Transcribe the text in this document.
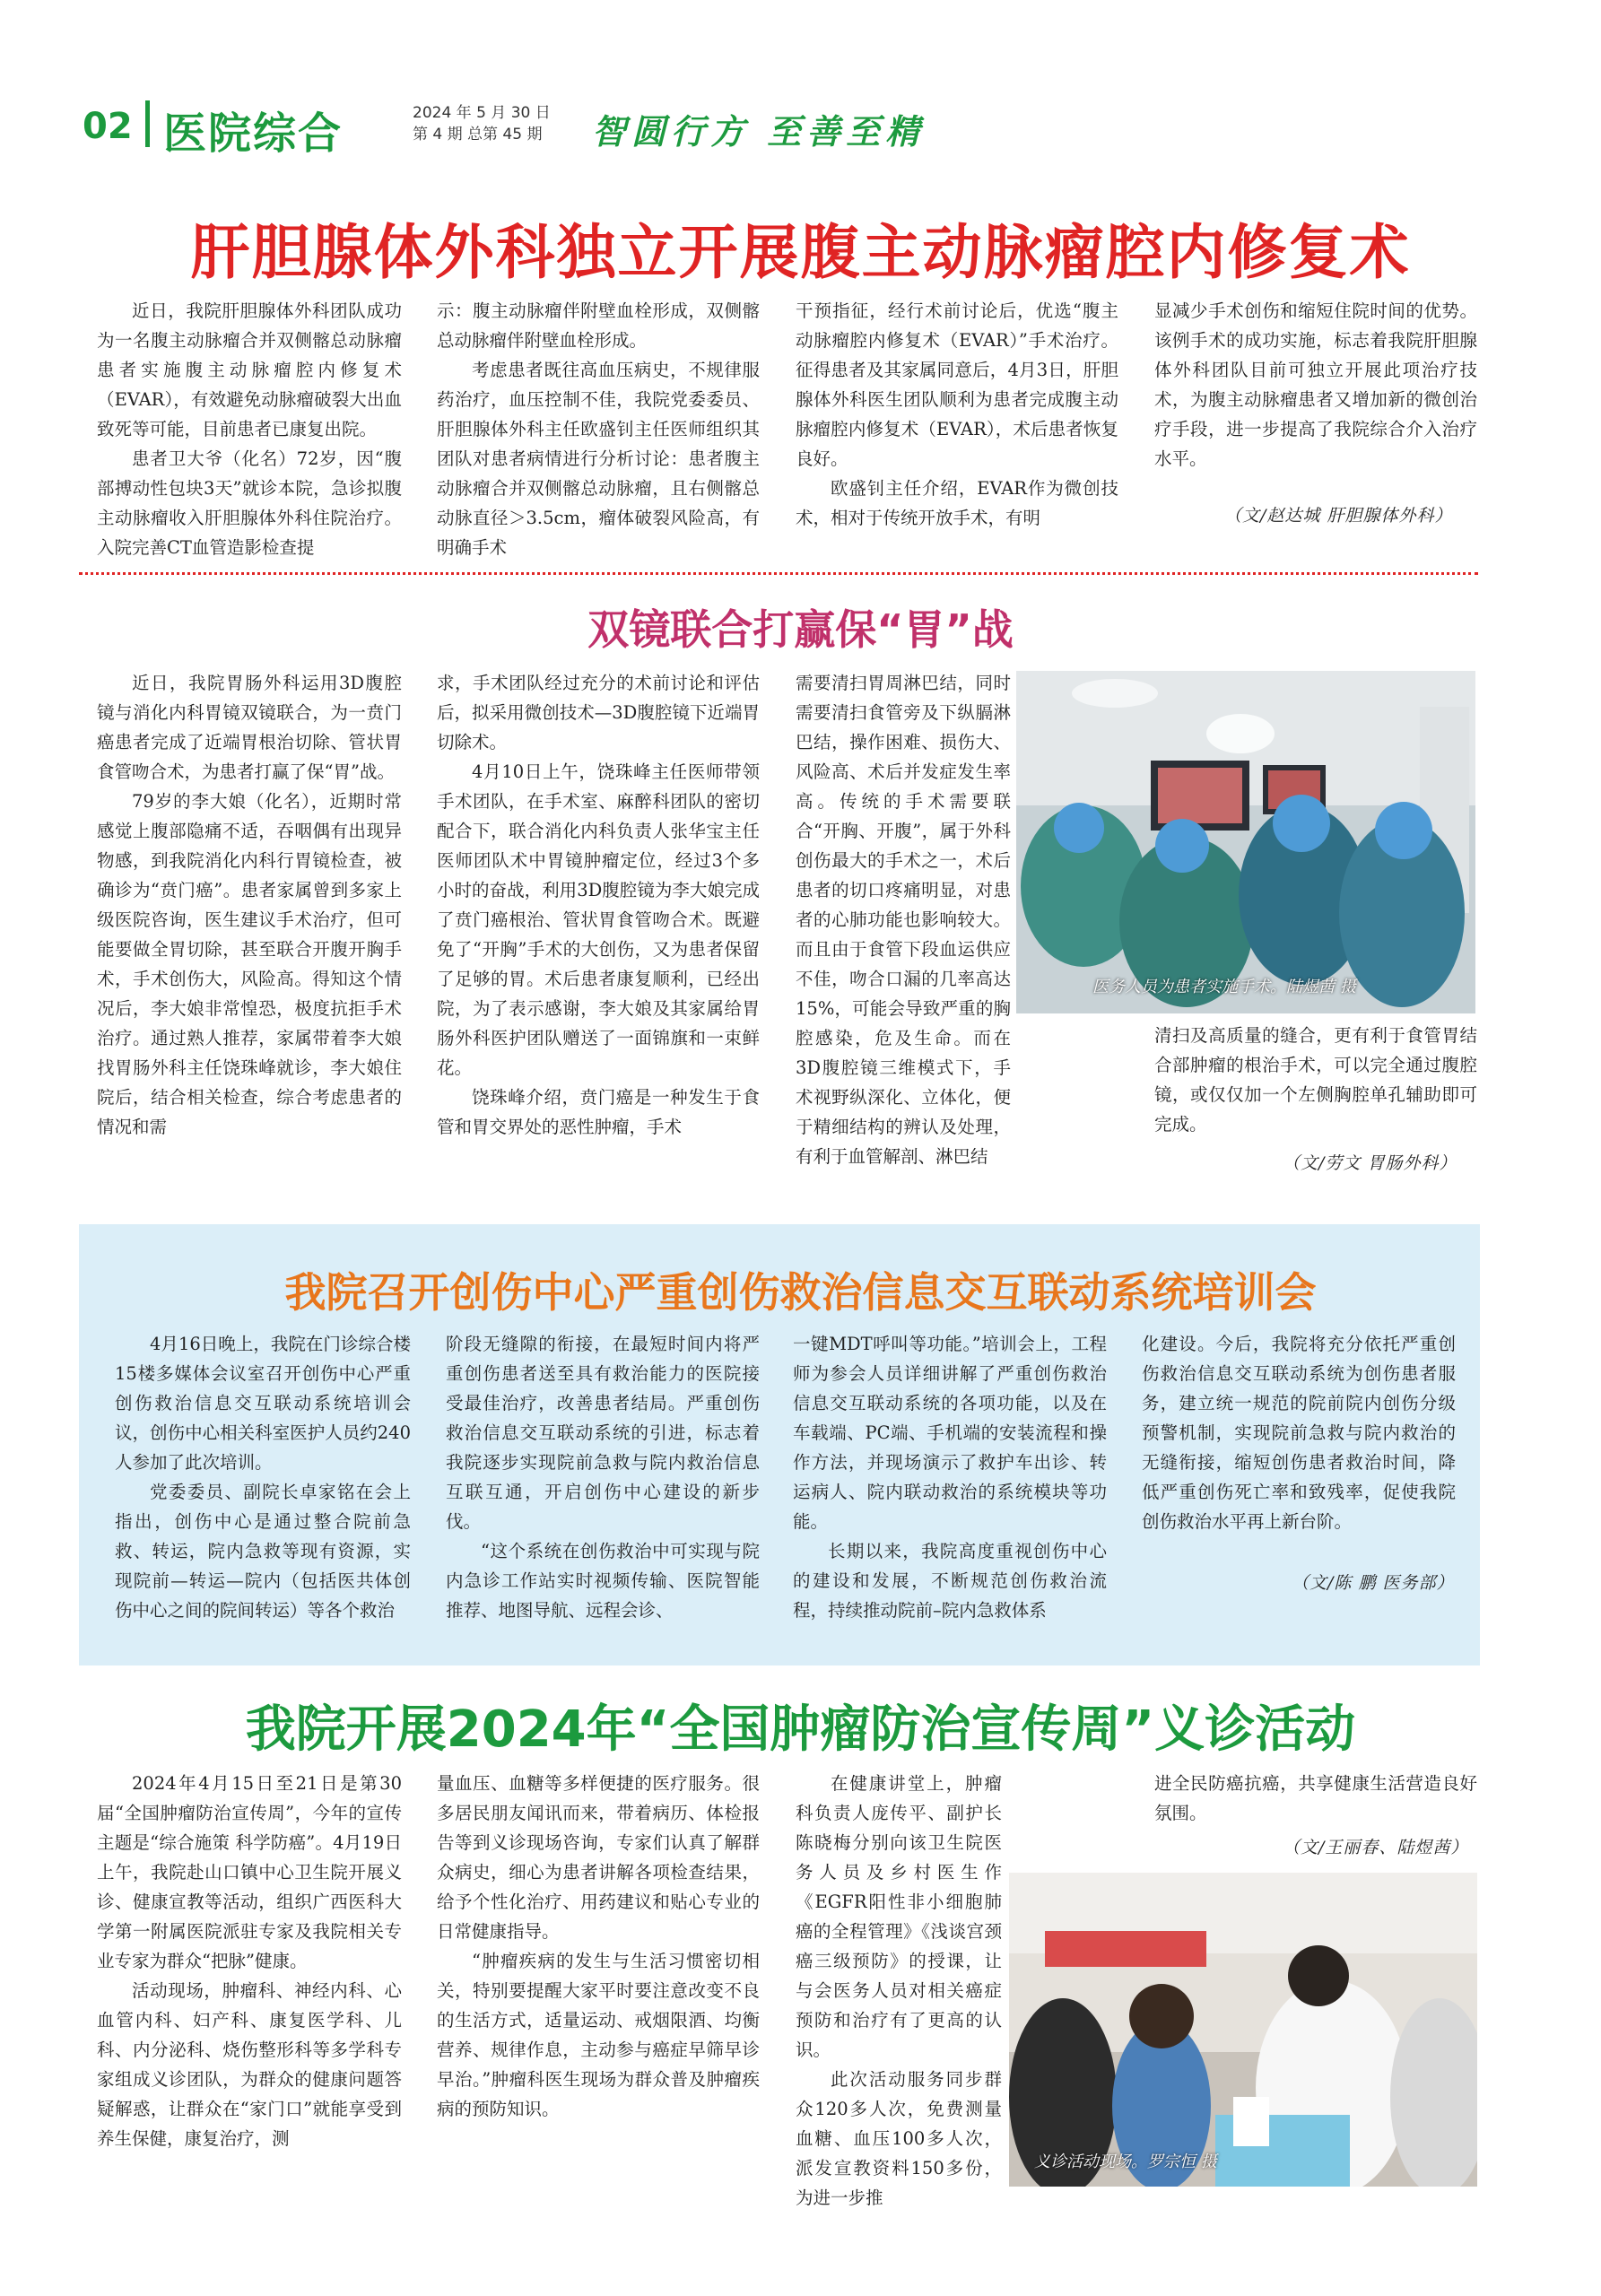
02 医院综合	2024 年 5 月 30 日
第 4 期 总第 45 期 智圆行方 至善至精
肝胆腺体外科独立开展腹主动脉瘤腔内修复术

近日，我院肝胆腺体外科团队成功为一名腹主动脉瘤合并双侧髂总动脉瘤患者实施腹主动脉瘤腔内修复术（EVAR），有效避免动脉瘤破裂大出血致死等可能，目前患者已康复出院。

患者卫大爷（化名）72岁，因“腹部搏动性包块3天”就诊本院，急诊拟腹主动脉瘤收入肝胆腺体外科住院治疗。入院完善CT血管造影检查提

示：腹主动脉瘤伴附壁血栓形成，双侧髂总动脉瘤伴附壁血栓形成。

考虑患者既往高血压病史，不规律服药治疗，血压控制不佳，我院党委委员、肝胆腺体外科主任欧盛钊主任医师组织其团队对患者病情进行分析讨论：患者腹主动脉瘤合并双侧髂总动脉瘤，且右侧髂总动脉直径＞3.5cm，瘤体破裂风险高，有明确手术

干预指征，经行术前讨论后，优选“腹主动脉瘤腔内修复术（EVAR）”手术治疗。征得患者及其家属同意后，4月3日，肝胆腺体外科医生团队顺利为患者完成腹主动脉瘤腔内修复术（EVAR），术后患者恢复良好。

欧盛钊主任介绍，EVAR作为微创技术，相对于传统开放手术，有明

显减少手术创伤和缩短住院时间的优势。该例手术的成功实施，标志着我院肝胆腺体外科团队目前可独立开展此项治疗技术，为腹主动脉瘤患者又增加新的微创治疗手段，进一步提高了我院综合介入治疗水平。

（文/赵达城 肝胆腺体外科）
双镜联合打赢保“胃”战

近日，我院胃肠外科运用3D腹腔镜与消化内科胃镜双镜联合，为一贲门癌患者完成了近端胃根治切除、管状胃食管吻合术，为患者打赢了保“胃”战。

79岁的李大娘（化名），近期时常感觉上腹部隐痛不适，吞咽偶有出现异物感，到我院消化内科行胃镜检查，被确诊为“贲门癌”。患者家属曾到多家上级医院咨询，医生建议手术治疗，但可能要做全胃切除，甚至联合开腹开胸手术，手术创伤大，风险高。得知这个情况后，李大娘非常惶恐，极度抗拒手术治疗。通过熟人推荐，家属带着李大娘找胃肠外科主任饶珠峰就诊，李大娘住院后，结合相关检查，综合考虑患者的情况和需

求，手术团队经过充分的术前讨论和评估后，拟采用微创技术—3D腹腔镜下近端胃切除术。

4月10日上午，饶珠峰主任医师带领手术团队，在手术室、麻醉科团队的密切配合下，联合消化内科负责人张华宝主任医师团队术中胃镜肿瘤定位，经过3个多小时的奋战，利用3D腹腔镜为李大娘完成了贲门癌根治、管状胃食管吻合术。既避免了“开胸”手术的大创伤，又为患者保留了足够的胃。术后患者康复顺利，已经出院，为了表示感谢，李大娘及其家属给胃肠外科医护团队赠送了一面锦旗和一束鲜花。

饶珠峰介绍，贲门癌是一种发生于食管和胃交界处的恶性肿瘤，手术

需要清扫胃周淋巴结，同时需要清扫食管旁及下纵膈淋巴结，操作困难、损伤大、风险高、术后并发症发生率高。传统的手术需要联合“开胸、开腹”，属于外科创伤最大的手术之一，术后患者的切口疼痛明显，对患者的心肺功能也影响较大。而且由于食管下段血运供应不佳，吻合口漏的几率高达15%，可能会导致严重的胸腔感染，危及生命。而在3D腹腔镜三维模式下，手术视野纵深化、立体化，便于精细结构的辨认及处理，有利于血管解剖、淋巴结

医务人员为患者实施手术。陆煜茜 摄

清扫及高质量的缝合，更有利于食管胃结合部肿瘤的根治手术，可以完全通过腹腔镜，或仅仅加一个左侧胸腔单孔辅助即可完成。

（文/劳文 胃肠外科）
我院召开创伤中心严重创伤救治信息交互联动系统培训会

4月16日晚上，我院在门诊综合楼15楼多媒体会议室召开创伤中心严重创伤救治信息交互联动系统培训会议，创伤中心相关科室医护人员约240人参加了此次培训。

党委委员、副院长卓家铭在会上指出，创伤中心是通过整合院前急救、转运，院内急救等现有资源，实现院前—转运—院内（包括医共体创伤中心之间的院间转运）等各个救治

阶段无缝隙的衔接，在最短时间内将严重创伤患者送至具有救治能力的医院接受最佳治疗，改善患者结局。严重创伤救治信息交互联动系统的引进，标志着我院逐步实现院前急救与院内救治信息互联互通，开启创伤中心建设的新步伐。

“这个系统在创伤救治中可实现与院内急诊工作站实时视频传输、医院智能推荐、地图导航、远程会诊、

一键MDT呼叫等功能。”培训会上，工程师为参会人员详细讲解了严重创伤救治信息交互联动系统的各项功能，以及在车载端、PC端、手机端的安装流程和操作方法，并现场演示了救护车出诊、转运病人、院内联动救治的系统模块等功能。

长期以来，我院高度重视创伤中心的建设和发展，不断规范创伤救治流程，持续推动院前–院内急救体系

化建设。今后，我院将充分依托严重创伤救治信息交互联动系统为创伤患者服务，建立统一规范的院前院内创伤分级预警机制，实现院前急救与院内救治的无缝衔接，缩短创伤患者救治时间，降低严重创伤死亡率和致残率，促使我院创伤救治水平再上新台阶。

（文/陈 鹏 医务部）
我院开展2024年“全国肿瘤防治宣传周”义诊活动

2024年4月15日至21日是第30届“全国肿瘤防治宣传周”，今年的宣传主题是“综合施策 科学防癌”。4月19日上午，我院赴山口镇中心卫生院开展义诊、健康宣教等活动，组织广西医科大学第一附属医院派驻专家及我院相关专业专家为群众“把脉”健康。

活动现场，肿瘤科、神经内科、心血管内科、妇产科、康复医学科、儿科、内分泌科、烧伤整形科等多学科专家组成义诊团队，为群众的健康问题答疑解惑，让群众在“家门口”就能享受到养生保健，康复治疗，测

量血压、血糖等多样便捷的医疗服务。很多居民朋友闻讯而来，带着病历、体检报告等到义诊现场咨询，专家们认真了解群众病史，细心为患者讲解各项检查结果，给予个性化治疗、用药建议和贴心专业的日常健康指导。

“肿瘤疾病的发生与生活习惯密切相关，特别要提醒大家平时要注意改变不良的生活方式，适量运动、戒烟限酒、均衡营养、规律作息，主动参与癌症早筛早诊早治。”肿瘤科医生现场为群众普及肿瘤疾病的预防知识。

在健康讲堂上，肿瘤科负责人庞传平、副护长陈晓梅分别向该卫生院医务人员及乡村医生作《EGFR阳性非小细胞肺癌的全程管理》《浅谈宫颈癌三级预防》的授课，让与会医务人员对相关癌症预防和治疗有了更高的认识。

此次活动服务同步群众120多人次，免费测量血糖、血压100多人次，派发宣教资料150多份，为进一步推

进全民防癌抗癌，共享健康生活营造良好氛围。

（文/王丽春、陆煜茜）
义诊活动现场。罗宗恒 摄
